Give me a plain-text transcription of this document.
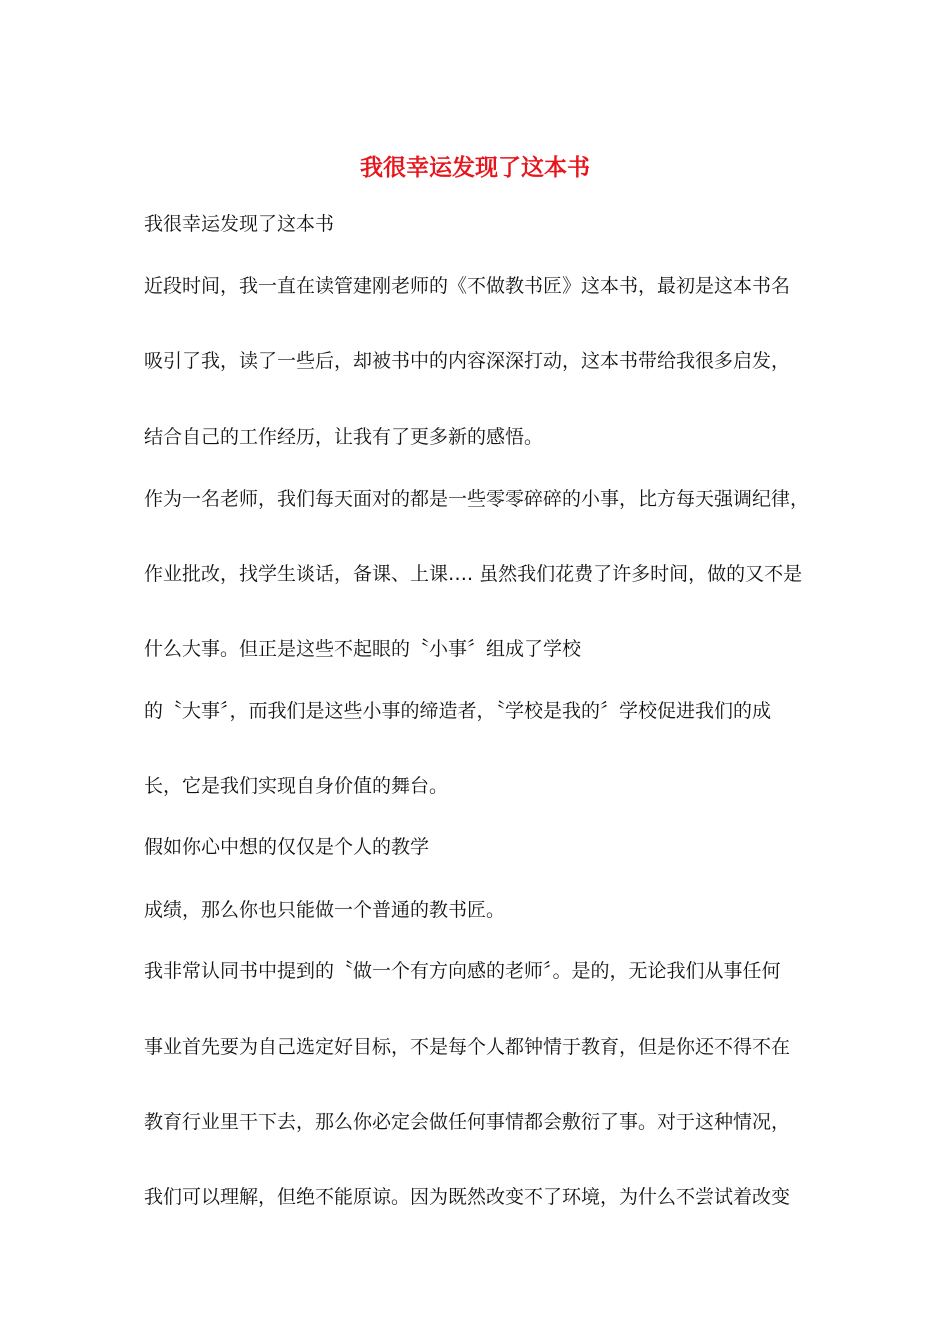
我很幸运发现了这本书
我很幸运发现了这本书
近段时间，我一直在读管建刚老师的《不做教书匠》这本书，最初是这本书名
吸引了我，读了一些后，却被书中的内容深深打动，这本书带给我很多启发，
结合自己的工作经历，让我有了更多新的感悟。
作为一名老师，我们每天面对的都是一些零零碎碎的小事，比方每天强调纪律，
作业批改，找学生谈话，备课、上课…. 虽然我们花费了许多时间，做的又不是
什么大事。但正是这些不起眼的〝小事〞组成了学校
的〝大事〞，而我们是这些小事的缔造者，〝学校是我的〞学校促进我们的成
长，它是我们实现自身价值的舞台。
假如你心中想的仅仅是个人的教学
成绩，那么你也只能做一个普通的教书匠。
我非常认同书中提到的〝做一个有方向感的老师〞。是的，无论我们从事任何
事业首先要为自己选定好目标，不是每个人都钟情于教育，但是你还不得不在
教育行业里干下去，那么你必定会做任何事情都会敷衍了事。对于这种情况，
我们可以理解，但绝不能原谅。因为既然改变不了环境，为什么不尝试着改变
